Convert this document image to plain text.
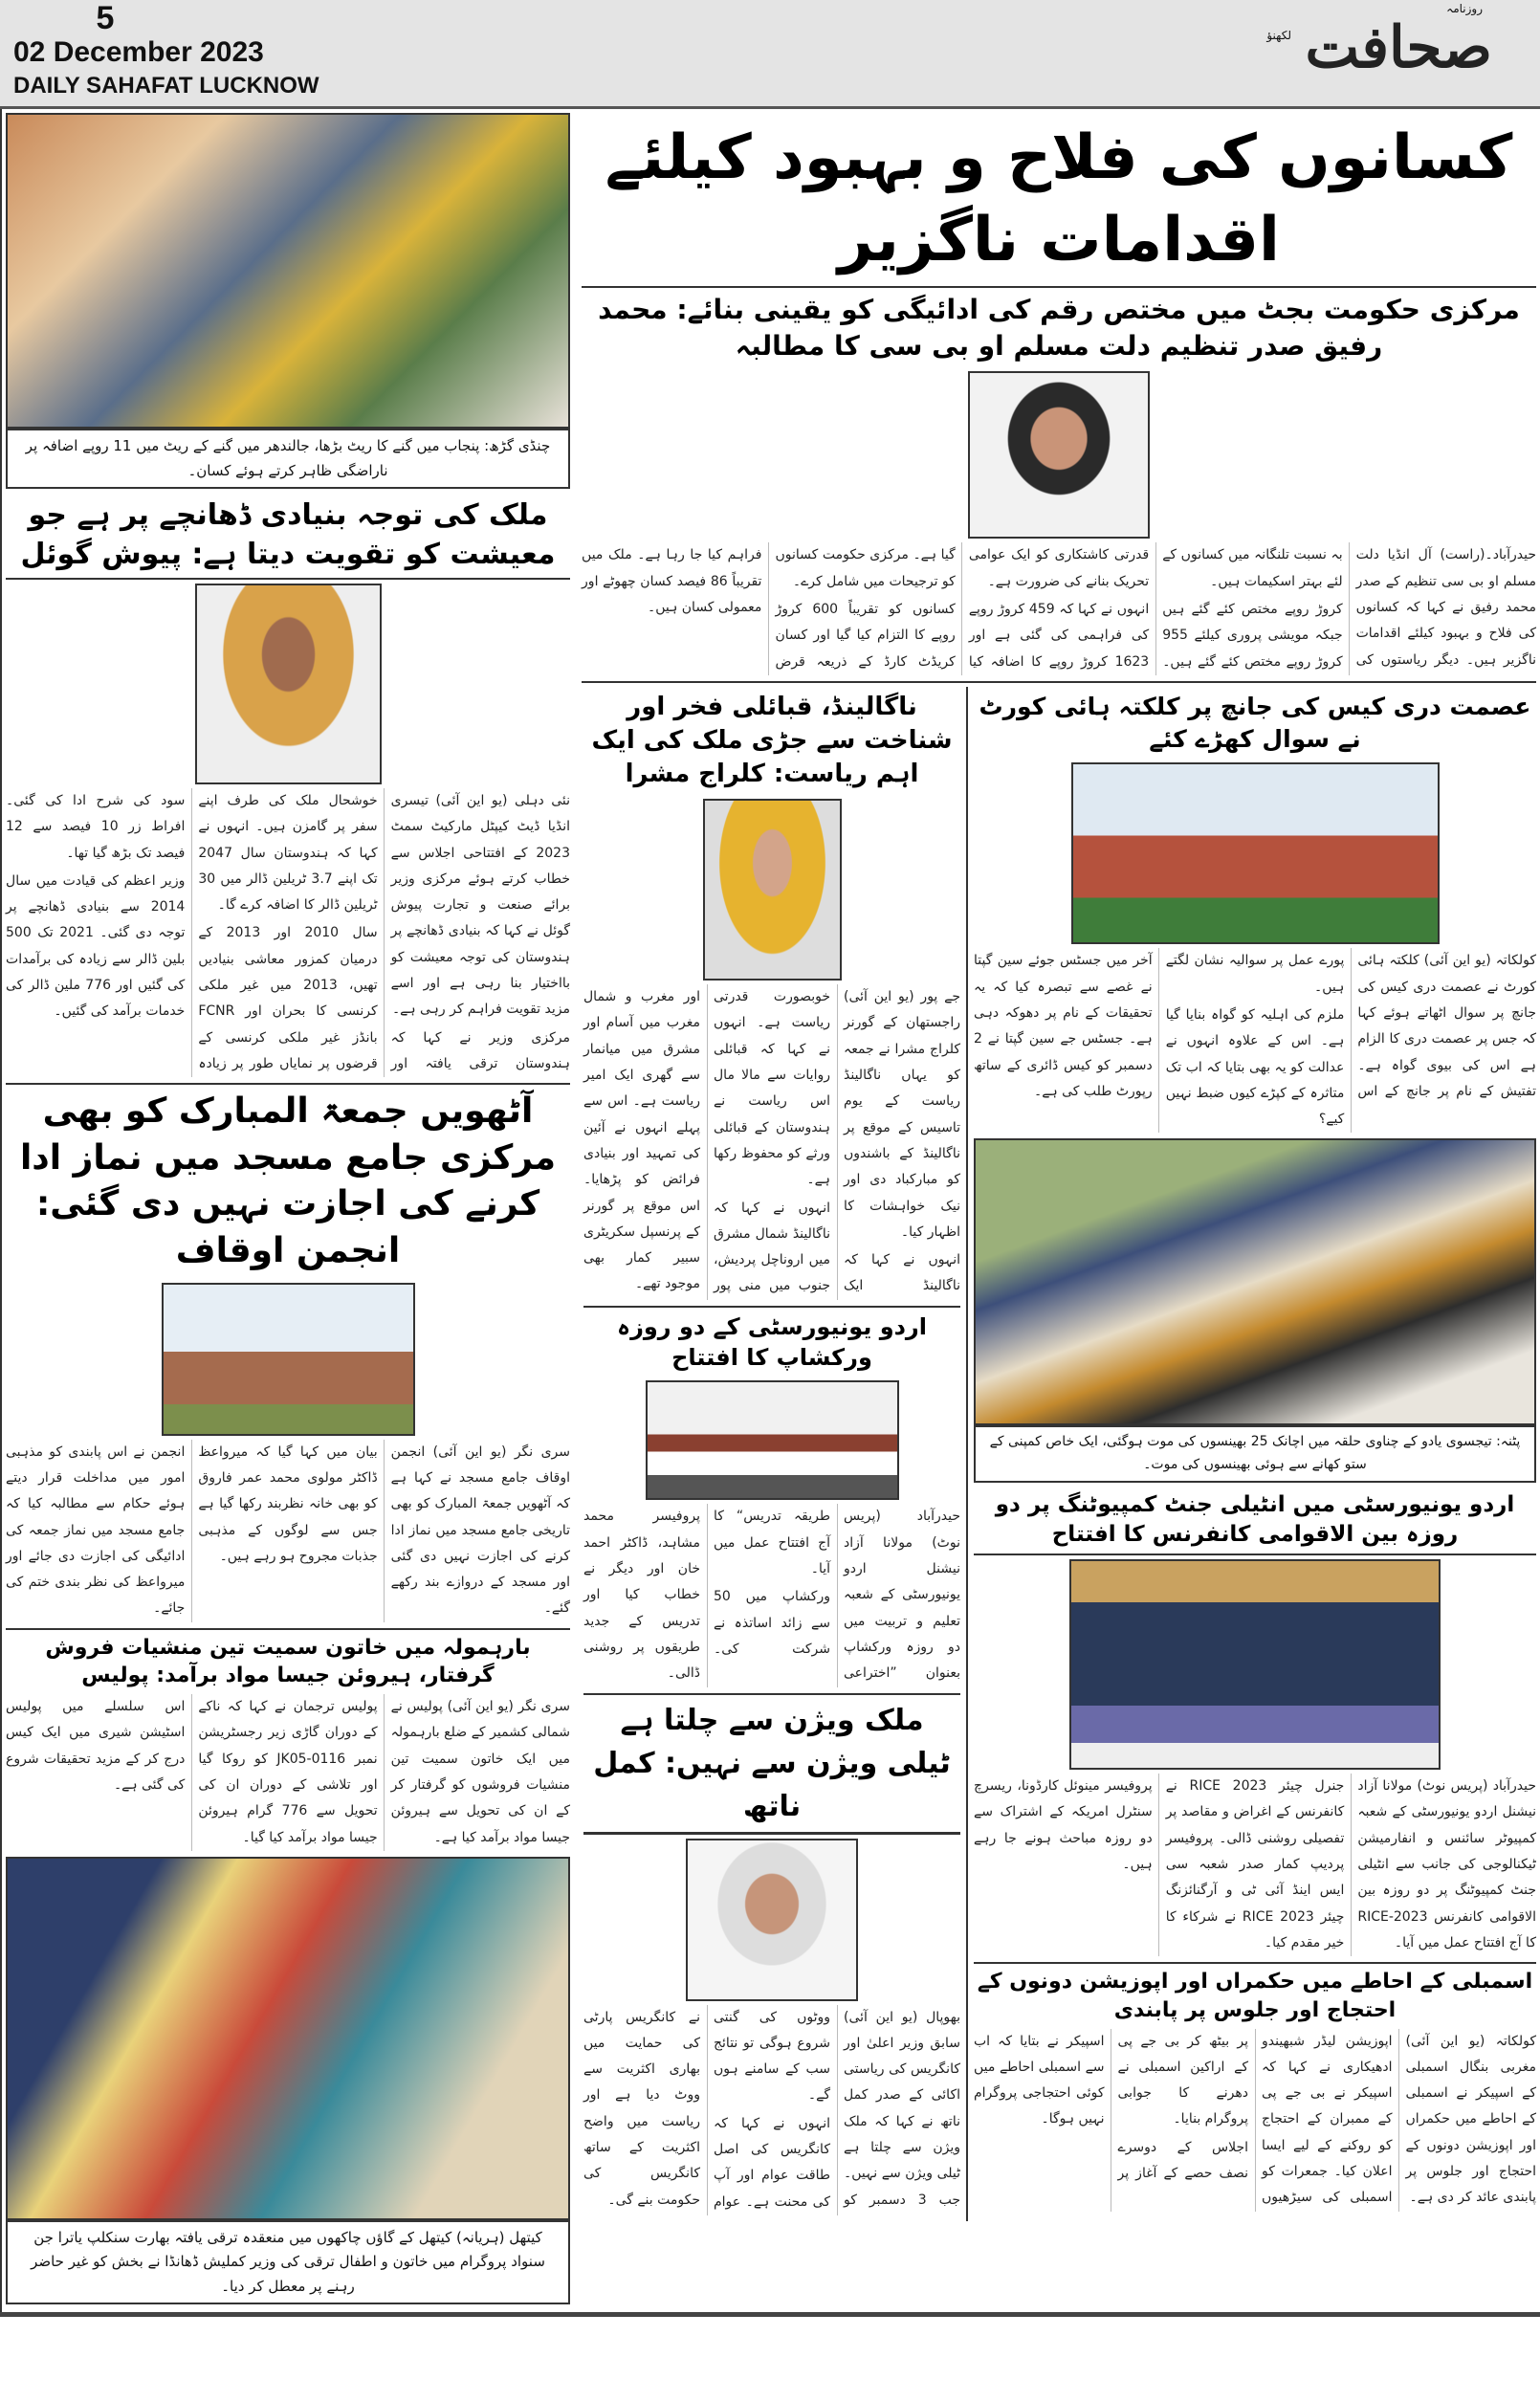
5
02 December 2023
DAILY SAHAFAT LUCKNOW
روزنامہ
صحافت
لکھنؤ
کسانوں کی فلاح و بہبود کیلئے اقدامات ناگزیر
مرکزی حکومت بجٹ میں مختص رقم کی ادائیگی کو یقینی بنائے: محمد رفیق صدر تنظیم دلت مسلم او بی سی کا مطالبہ

حیدرآباد۔(راست) آل انڈیا دلت مسلم او بی سی تنظیم کے صدر محمد رفیق نے کہا کہ کسانوں کی فلاح و بہبود کیلئے اقدامات ناگزیر ہیں۔ دیگر ریاستوں کی بہ نسبت تلنگانہ میں کسانوں کے لئے بہتر اسکیمات ہیں۔

کروڑ روپے مختص کئے گئے ہیں جبکہ مویشی پروری کیلئے 955 کروڑ روپے مختص کئے گئے ہیں۔ قدرتی کاشتکاری کو ایک عوامی تحریک بنانے کی ضرورت ہے۔

انہوں نے کہا کہ 459 کروڑ روپے کی فراہمی کی گئی ہے اور 1623 کروڑ روپے کا اضافہ کیا گیا ہے۔ مرکزی حکومت کسانوں کو ترجیحات میں شامل کرے۔

کسانوں کو تقریباً 600 کروڑ روپے کا التزام کیا گیا اور کسان کریڈٹ کارڈ کے ذریعہ قرض فراہم کیا جا رہا ہے۔ ملک میں تقریباً 86 فیصد کسان چھوٹے اور معمولی کسان ہیں۔

عصمت دری کیس کی جانچ پر کلکتہ ہائی کورٹ نے سوال کھڑے کئے

کولکاتہ (یو این آئی) کلکتہ ہائی کورٹ نے عصمت دری کیس کی جانچ پر سوال اٹھاتے ہوئے کہا کہ جس پر عصمت دری کا الزام ہے اس کی بیوی گواہ ہے۔ تفتیش کے نام پر جانچ کے اس پورے عمل پر سوالیہ نشان لگتے ہیں۔

ملزم کی اہلیہ کو گواہ بنایا گیا ہے۔ اس کے علاوہ انہوں نے عدالت کو یہ بھی بتایا کہ اب تک متاثرہ کے کپڑے کیوں ضبط نہیں کیے؟

آخر میں جسٹس جوئے سین گپتا نے غصے سے تبصرہ کیا کہ یہ تحقیقات کے نام پر دھوکہ دہی ہے۔ جسٹس جے سین گپتا نے 2 دسمبر کو کیس ڈائری کے ساتھ رپورٹ طلب کی ہے۔

پٹنہ: تیجسوی یادو کے چناوی حلقہ میں اچانک 25 بھینسوں کی موت ہوگئی، ایک خاص کمپنی کے ستو کھانے سے ہوئی بھینسوں کی موت۔
اردو یونیورسٹی میں انٹیلی جنٹ کمپیوٹنگ پر دو روزہ بین الاقوامی کانفرنس کا افتتاح

حیدرآباد (پریس نوٹ) مولانا آزاد نیشنل اردو یونیورسٹی کے شعبہ کمپیوٹر سائنس و انفارمیشن ٹیکنالوجی کی جانب سے انٹیلی جنٹ کمپیوٹنگ پر دو روزہ بین الاقوامی کانفرنس RICE-2023 کا آج افتتاح عمل میں آیا۔

جنرل چیئر RICE 2023 نے کانفرنس کے اغراض و مقاصد پر تفصیلی روشنی ڈالی۔ پروفیسر پردیپ کمار صدر شعبہ سی ایس اینڈ آئی ٹی و آرگنائزنگ چیئر RICE 2023 نے شرکاء کا خیر مقدم کیا۔

پروفیسر مینوئل کارڈونا، ریسرچ سنٹرل امریکہ کے اشتراک سے دو روزہ مباحث ہونے جا رہے ہیں۔

اسمبلی کے احاطے میں حکمراں اور اپوزیشن دونوں کے احتجاج اور جلوس پر پابندی

کولکاتہ (یو این آئی) مغربی بنگال اسمبلی کے اسپیکر نے اسمبلی کے احاطے میں حکمراں اور اپوزیشن دونوں کے احتجاج اور جلوس پر پابندی عائد کر دی ہے۔

اپوزیشن لیڈر شبھیندو ادھیکاری نے کہا کہ اسپیکر نے بی جے پی کے ممبران کے احتجاج کو روکنے کے لیے ایسا اعلان کیا۔ جمعرات کو اسمبلی کی سیڑھیوں پر بیٹھ کر بی جے پی کے اراکین اسمبلی نے دھرنے کا جوابی پروگرام بنایا۔

اجلاس کے دوسرے نصف حصے کے آغاز پر اسپیکر نے بتایا کہ اب سے اسمبلی احاطے میں کوئی احتجاجی پروگرام نہیں ہوگا۔

ناگالینڈ، قبائلی فخر اور شناخت سے جڑی ملک کی ایک اہم ریاست: کلراج مشرا

جے پور (یو این آئی) راجستھان کے گورنر کلراج مشرا نے جمعہ کو یہاں ناگالینڈ ریاست کے یوم تاسیس کے موقع پر ناگالینڈ کے باشندوں کو مبارکباد دی اور نیک خواہشات کا اظہار کیا۔

انہوں نے کہا کہ ناگالینڈ ایک خوبصورت قدرتی ریاست ہے۔ انہوں نے کہا کہ قبائلی روایات سے مالا مال اس ریاست نے ہندوستان کے قبائلی ورثے کو محفوظ رکھا ہے۔

انہوں نے کہا کہ ناگالینڈ شمال مشرق میں اروناچل پردیش، جنوب میں منی پور اور مغرب و شمال مغرب میں آسام اور مشرق میں میانمار سے گھری ایک امیر ریاست ہے۔ اس سے پہلے انہوں نے آئین کی تمہید اور بنیادی فرائض کو پڑھایا۔ اس موقع پر گورنر کے پرنسپل سکریٹری سبیر کمار بھی موجود تھے۔

اردو یونیورسٹی کے دو روزہ ورکشاپ کا افتتاح

حیدرآباد (پریس نوٹ) مولانا آزاد نیشنل اردو یونیورسٹی کے شعبہ تعلیم و تربیت میں دو روزہ ورکشاپ بعنوان ”اختراعی طریقہ تدریس“ کا آج افتتاح عمل میں آیا۔

ورکشاپ میں 50 سے زائد اساتذہ نے شرکت کی۔ پروفیسر محمد مشاہد، ڈاکٹر احمد خان اور دیگر نے خطاب کیا اور تدریس کے جدید طریقوں پر روشنی ڈالی۔

ملک ویژن سے چلتا ہے
ٹیلی ویژن سے نہیں: کمل ناتھ

بھوپال (یو این آئی) سابق وزیر اعلیٰ اور کانگریس کی ریاستی اکائی کے صدر کمل ناتھ نے کہا کہ ملک ویژن سے چلتا ہے ٹیلی ویژن سے نہیں۔ جب 3 دسمبر کو ووٹوں کی گنتی شروع ہوگی تو نتائج سب کے سامنے ہوں گے۔

انہوں نے کہا کہ کانگریس کی اصل طاقت عوام اور آپ کی محنت ہے۔ عوام نے کانگریس پارٹی کی حمایت میں بھاری اکثریت سے ووٹ دیا ہے اور ریاست میں واضح اکثریت کے ساتھ کانگریس کی حکومت بنے گی۔

چنڈی گڑھ: پنجاب میں گنے کا ریٹ بڑھا، جالندھر میں گنے کے ریٹ میں 11 روپے اضافہ پر ناراضگی ظاہر کرتے ہوئے کسان۔
ملک کی توجہ بنیادی ڈھانچے پر ہے جو معیشت کو تقویت دیتا ہے: پیوش گوئل

نئی دہلی (یو این آئی) تیسری انڈیا ڈیٹ کیپٹل مارکیٹ سمٹ 2023 کے افتتاحی اجلاس سے خطاب کرتے ہوئے مرکزی وزیر برائے صنعت و تجارت پیوش گوئل نے کہا کہ بنیادی ڈھانچے پر ہندوستان کی توجہ معیشت کو بااختیار بنا رہی ہے اور اسے مزید تقویت فراہم کر رہی ہے۔

مرکزی وزیر نے کہا کہ ہندوستان ترقی یافتہ اور خوشحال ملک کی طرف اپنے سفر پر گامزن ہیں۔ انہوں نے کہا کہ ہندوستان سال 2047 تک اپنے 3.7 ٹریلین ڈالر میں 30 ٹریلین ڈالر کا اضافہ کرے گا۔

سال 2010 اور 2013 کے درمیان کمزور معاشی بنیادیں تھیں، 2013 میں غیر ملکی کرنسی کا بحران اور FCNR بانڈز غیر ملکی کرنسی کے قرضوں پر نمایاں طور پر زیادہ سود کی شرح ادا کی گئی۔ افراط زر 10 فیصد سے 12 فیصد تک بڑھ گیا تھا۔

وزیر اعظم کی قیادت میں سال 2014 سے بنیادی ڈھانچے پر توجہ دی گئی۔ 2021 تک 500 بلین ڈالر سے زیادہ کی برآمدات کی گئیں اور 776 ملین ڈالر کی خدمات برآمد کی گئیں۔

آٹھویں جمعۃ المبارک کو بھی مرکزی جامع مسجد میں نماز ادا کرنے کی اجازت نہیں دی گئی: انجمن اوقاف

سری نگر (یو این آئی) انجمن اوقاف جامع مسجد نے کہا ہے کہ آٹھویں جمعۃ المبارک کو بھی تاریخی جامع مسجد میں نماز ادا کرنے کی اجازت نہیں دی گئی اور مسجد کے دروازے بند رکھے گئے۔

بیان میں کہا گیا کہ میرواعظ ڈاکٹر مولوی محمد عمر فاروق کو بھی خانہ نظربند رکھا گیا ہے جس سے لوگوں کے مذہبی جذبات مجروح ہو رہے ہیں۔

انجمن نے اس پابندی کو مذہبی امور میں مداخلت قرار دیتے ہوئے حکام سے مطالبہ کیا کہ جامع مسجد میں نماز جمعہ کی ادائیگی کی اجازت دی جائے اور میرواعظ کی نظر بندی ختم کی جائے۔

بارہمولہ میں خاتون سمیت تین منشیات فروش گرفتار، ہیروئن جیسا مواد برآمد: پولیس

سری نگر (یو این آئی) پولیس نے شمالی کشمیر کے ضلع بارہمولہ میں ایک خاتون سمیت تین منشیات فروشوں کو گرفتار کر کے ان کی تحویل سے ہیروئن جیسا مواد برآمد کیا ہے۔

پولیس ترجمان نے کہا کہ ناکے کے دوران گاڑی زیر رجسٹریشن نمبر JK05-0116 کو روکا گیا اور تلاشی کے دوران ان کی تحویل سے 776 گرام ہیروئن جیسا مواد برآمد کیا گیا۔

اس سلسلے میں پولیس اسٹیشن شیری میں ایک کیس درج کر کے مزید تحقیقات شروع کی گئی ہے۔

کیتھل (ہریانہ) کیتھل کے گاؤں چاکھوں میں منعقدہ ترقی یافتہ بھارت سنکلپ یاترا جن سنواد پروگرام میں خاتون و اطفال ترقی کی وزیر کملیش ڈھانڈا نے بخش کو غیر حاضر رہنے پر معطل کر دیا۔
